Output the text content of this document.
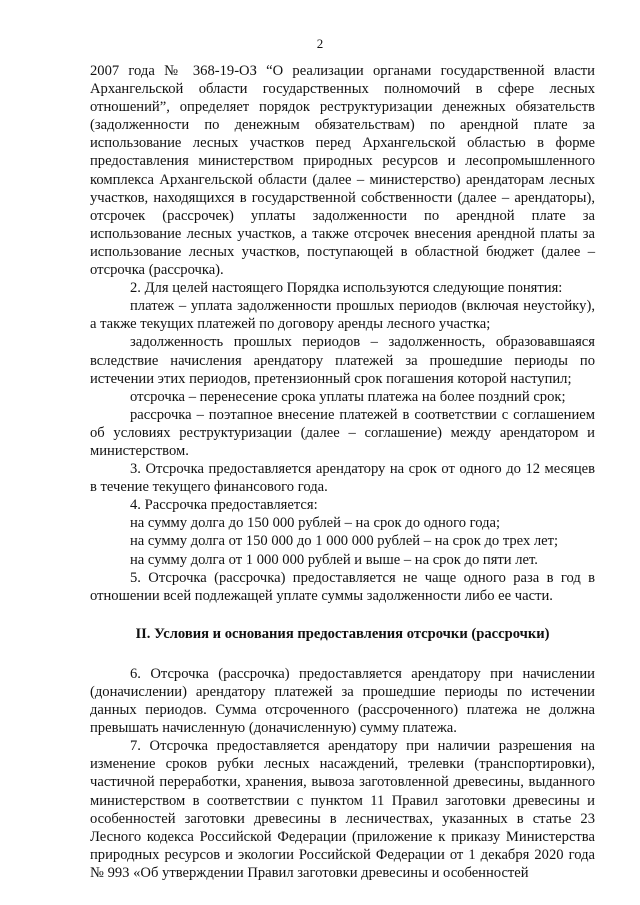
2

2007 года № 368-19-ОЗ “О реализации органами государственной власти Архангельской области государственных полномочий в сфере лесных отношений”, определяет порядок реструктуризации денежных обязательств (задолженности по денежным обязательствам) по арендной плате за использование лесных участков перед Архангельской областью в форме предоставления министерством природных ресурсов и лесопромышленного комплекса Архангельской области (далее – министерство) арендаторам лесных участков, находящихся в государственной собственности (далее – арендаторы), отсрочек (рассрочек) уплаты задолженности по арендной плате за использование лесных участков, а также отсрочек внесения арендной платы за использование лесных участков, поступающей в областной бюджет (далее – отсрочка (рассрочка).

2. Для целей настоящего Порядка используются следующие понятия:

платеж – уплата задолженности прошлых периодов (включая неустойку), а также текущих платежей по договору аренды лесного участка;

задолженность прошлых периодов – задолженность, образовавшаяся вследствие начисления арендатору платежей за прошедшие периоды по истечении этих периодов, претензионный срок погашения которой наступил;

отсрочка – перенесение срока уплаты платежа на более поздний срок;

рассрочка – поэтапное внесение платежей в соответствии с соглашением об условиях реструктуризации (далее – соглашение) между арендатором и министерством.

3. Отсрочка предоставляется арендатору на срок от одного до 12 месяцев в течение текущего финансового года.

4. Рассрочка предоставляется:

на сумму долга до 150 000 рублей – на срок до одного года;

на сумму долга от 150 000 до 1 000 000 рублей – на срок до трех лет;

на сумму долга от 1 000 000 рублей и выше – на срок до пяти лет.

5. Отсрочка (рассрочка) предоставляется не чаще одного раза в год в отношении всей подлежащей уплате суммы задолженности либо ее части.

II. Условия и основания предоставления отсрочки (рассрочки)

6. Отсрочка (рассрочка) предоставляется арендатору при начислении (доначислении) арендатору платежей за прошедшие периоды по истечении данных периодов. Сумма отсроченного (рассроченного) платежа не должна превышать начисленную (доначисленную) сумму платежа.

7. Отсрочка предоставляется арендатору при наличии разрешения на изменение сроков рубки лесных насаждений, трелевки (транспортировки), частичной переработки, хранения, вывоза заготовленной древесины, выданного министерством в соответствии с пунктом 11 Правил заготовки древесины и особенностей заготовки древесины в лесничествах, указанных в статье 23 Лесного кодекса Российской Федерации (приложение к приказу Министерства природных ресурсов и экологии Российской Федерации от 1 декабря 2020 года № 993 «Об утверждении Правил заготовки древесины и особенностей
